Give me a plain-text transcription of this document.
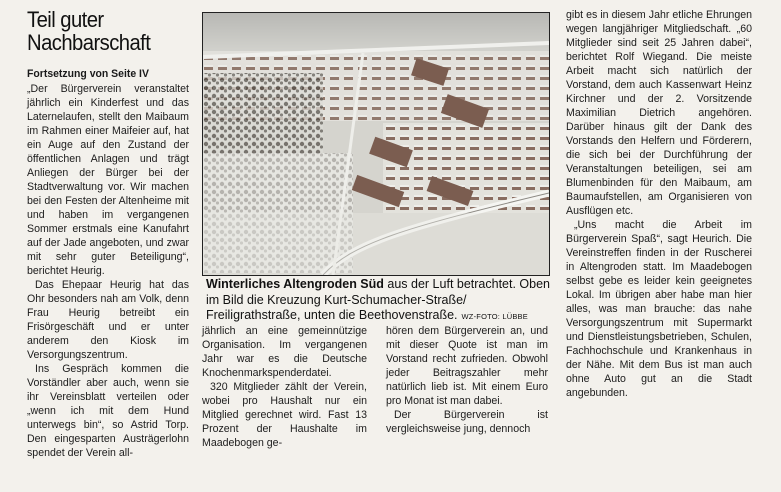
Teil guter
Nachbarschaft
Fortsetzung von Seite IV

„Der Bürgerverein veranstaltet jährlich ein Kinderfest und das Laternelaufen, stellt den Maibaum im Rahmen einer Maifeier auf, hat ein Auge auf den Zustand der öffentlichen Anlagen und trägt Anliegen der Bürger bei der Stadtverwaltung vor. Wir machen bei den Festen der Altenheime mit und haben im vergangenen Sommer erstmals eine Kanufahrt auf der Jade angeboten, und zwar mit sehr guter Beteiligung“, berichtet Heurig.

Das Ehepaar Heurig hat das Ohr besonders nah am Volk, denn Frau Heurig betreibt ein Frisörgeschäft und er unter anderem den Kiosk im Versorgungszentrum.

Ins Gespräch kommen die Vorständler aber auch, wenn sie ihr Vereinsblatt verteilen oder „wenn ich mit dem Hund unterwegs bin“, so Astrid Torp. Den eingesparten Austrägerlohn spendet der Verein all-

Winterliches Altengroden Süd aus der Luft betrachtet. Oben im Bild die Kreuzung Kurt-Schumacher-Straße/ Freiligrathstraße, unten die Beethovenstraße. WZ-FOTO: LÜBBE

jährlich an eine gemeinnützige Organisation. Im vergangenen Jahr war es die Deutsche Knochenmarkspenderdatei.

320 Mitglieder zählt der Verein, wobei pro Haushalt nur ein Mitglied gerechnet wird. Fast 13 Prozent der Haushalte im Maadebogen ge-

hören dem Bürgerverein an, und mit dieser Quote ist man im Vorstand recht zufrieden. Obwohl jeder Beitragszahler mehr natürlich lieb ist. Mit einem Euro pro Monat ist man dabei.

Der Bürgerverein ist vergleichsweise jung, dennoch

gibt es in diesem Jahr etliche Ehrungen wegen langjähriger Mitgliedschaft. „60 Mitglieder sind seit 25 Jahren dabei“, berichtet Rolf Wiegand. Die meiste Arbeit macht sich natürlich der Vorstand, dem auch Kassenwart Heinz Kirchner und der 2. Vorsitzende Maximilian Dietrich angehören. Darüber hinaus gilt der Dank des Vorstands den Helfern und Förderern, die sich bei der Durchführung der Veranstaltungen beteiligen, sei am Blumenbinden für den Maibaum, am Baumaufstellen, am Organisieren von Ausflügen etc.

„Uns macht die Arbeit im Bürgerverein Spaß“, sagt Heurich. Die Vereinstreffen finden in der Ruscherei in Altengroden statt. Im Maadebogen selbst gebe es leider kein geeignetes Lokal. Im übrigen aber habe man hier alles, was man brauche: das nahe Versorgungszentrum mit Supermarkt und Dienstleistungsbetrieben, Schulen, Fachhochschule und Krankenhaus in der Nähe. Mit dem Bus ist man auch ohne Auto gut an die Stadt angebunden.
